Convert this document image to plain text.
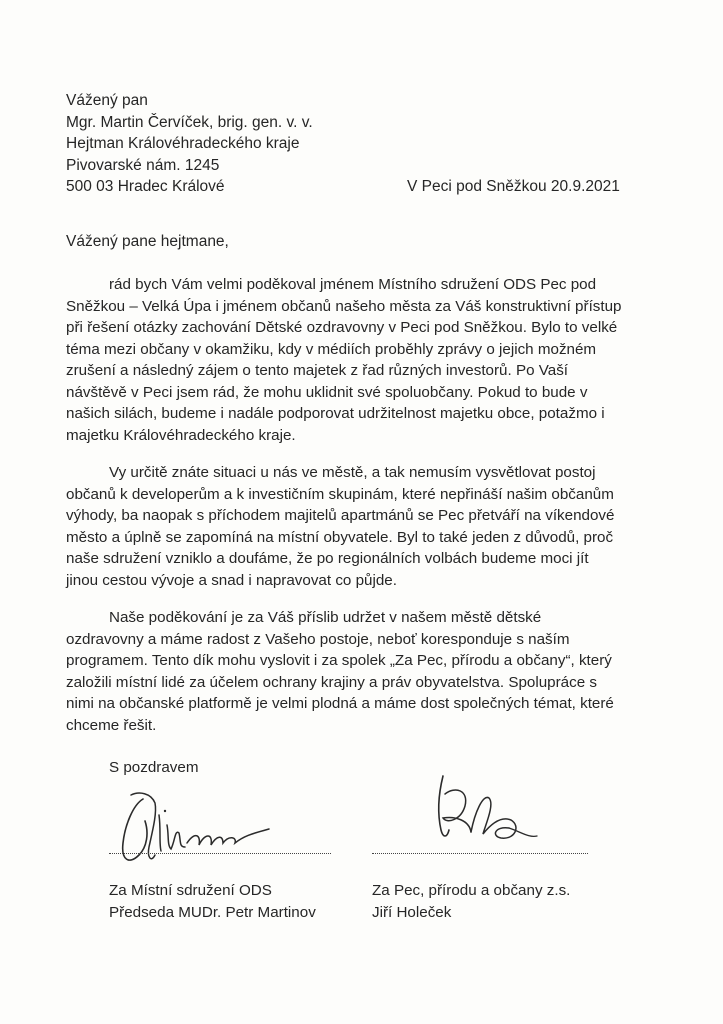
Vážený pan
Mgr. Martin Červíček, brig. gen. v. v.
Hejtman Královéhradeckého kraje
Pivovarské nám. 1245
500 03 Hradec Králové	V Peci pod Sněžkou 20.9.2021
Vážený pane hejtmane,

rád bych Vám velmi poděkoval jménem Místního sdružení ODS Pec pod Sněžkou – Velká Úpa i jménem občanů našeho města za Váš konstruktivní přístup při řešení otázky zachování Dětské ozdravovny v Peci pod Sněžkou. Bylo to velké téma mezi občany v okamžiku, kdy v médiích proběhly zprávy o jejich možném zrušení a následný zájem o tento majetek z řad různých investorů. Po Vaší návštěvě v Peci jsem rád, že mohu uklidnit své spoluobčany. Pokud to bude v našich silách, budeme i nadále podporovat udržitelnost majetku obce, potažmo i majetku Královéhradeckého kraje.

Vy určitě znáte situaci u nás ve městě, a tak nemusím vysvětlovat postoj občanů k developerům a k investičním skupinám, které nepřináší našim občanům výhody, ba naopak s příchodem majitelů apartmánů se Pec přetváří na víkendové město a úplně se zapomíná na místní obyvatele. Byl to také jeden z důvodů, proč naše sdružení vzniklo a doufáme, že po regionálních volbách budeme moci jít jinou cestou vývoje a snad i napravovat co půjde.

Naše poděkování je za Váš příslib udržet v našem městě dětské ozdravovny a máme radost z Vašeho postoje, neboť koresponduje s naším programem. Tento dík mohu vyslovit i za spolek „Za Pec, přírodu a občany“, který založili místní lidé za účelem ochrany krajiny a práv obyvatelstva. Spolupráce s nimi na občanské platformě je velmi plodná a máme dost společných témat, které chceme řešit.

S pozdravem
Za Místní sdružení ODS
Předseda MUDr. Petr Martinov
Za Pec, přírodu a občany z.s.
Jiří Holeček
